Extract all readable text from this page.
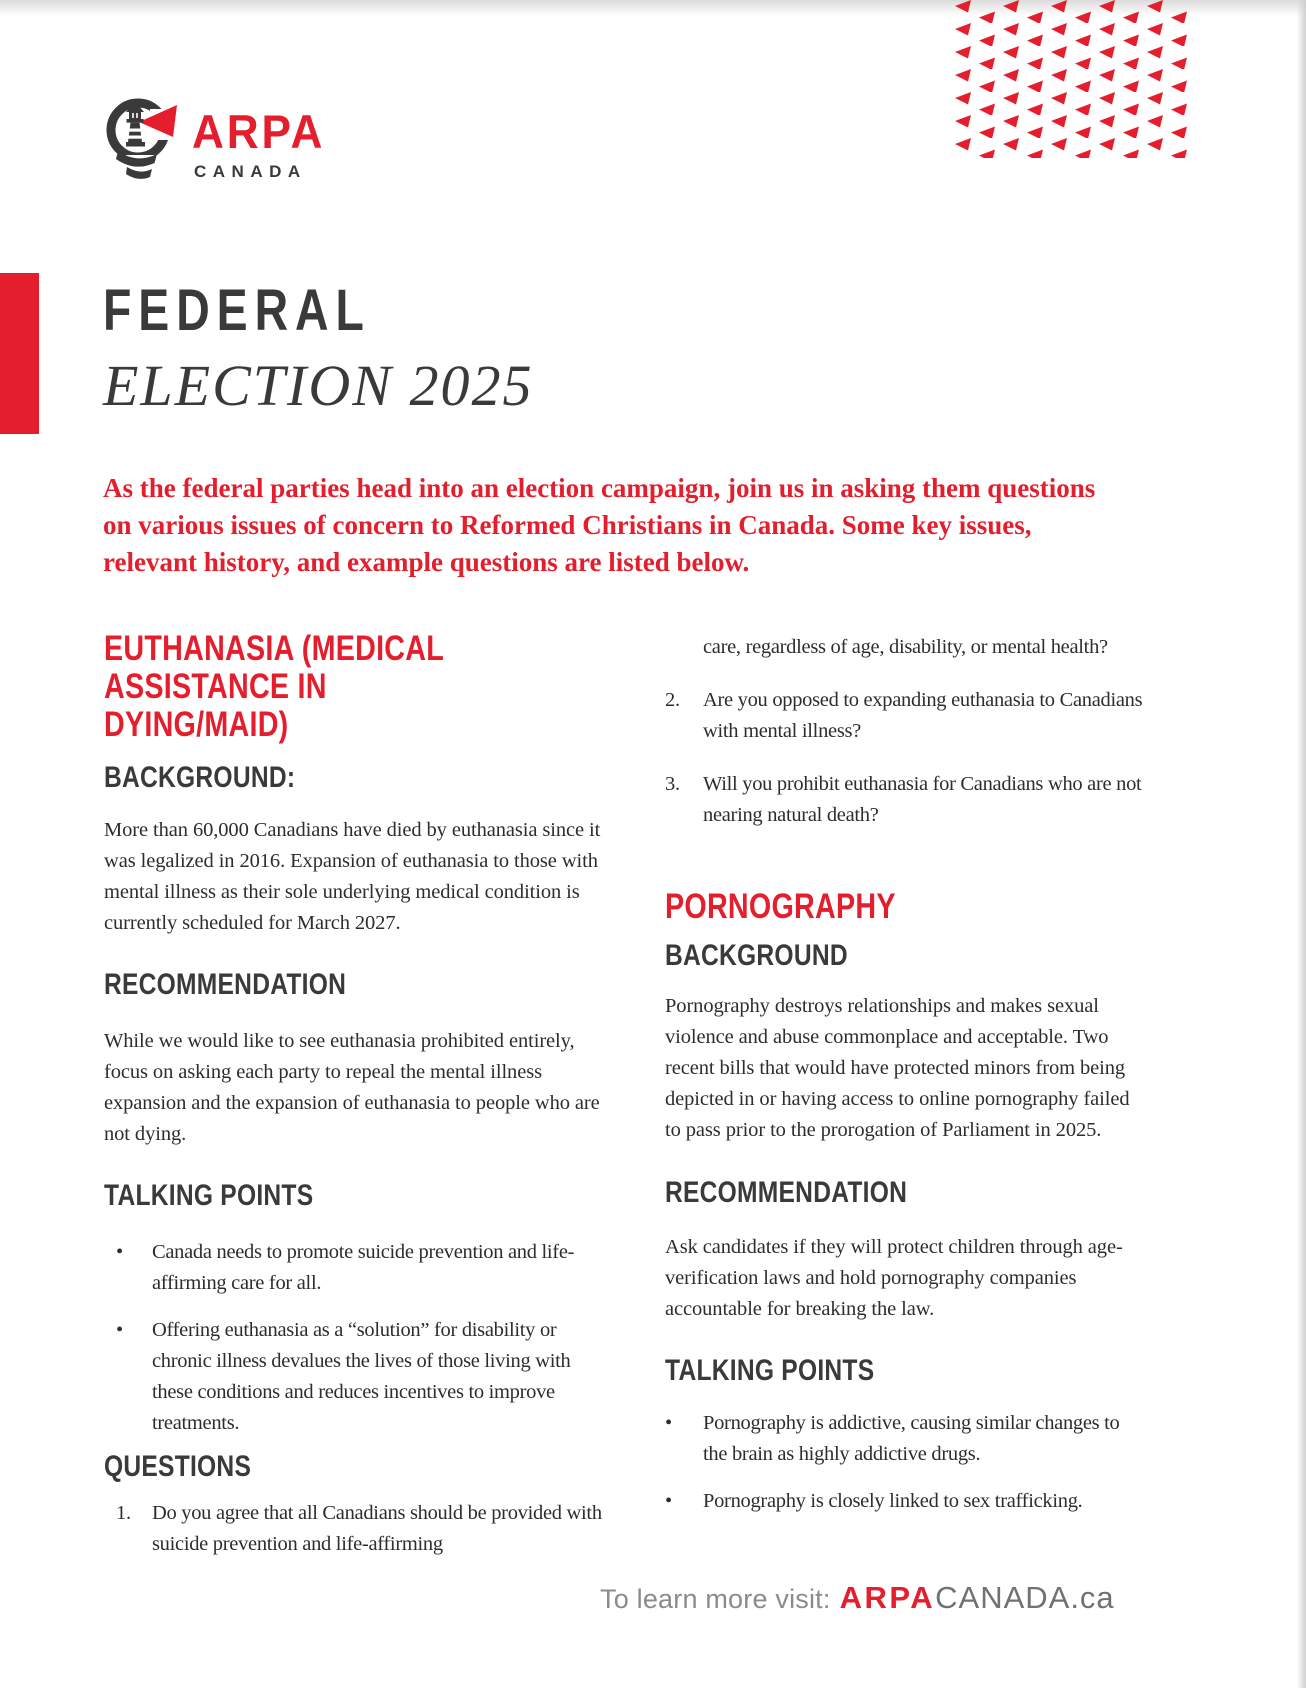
ARPA
CANADA
FEDERAL
ELECTION 2025

As the federal parties head into an election campaign, join us in asking them questions
on various issues of concern to Reformed Christians in Canada. Some key issues,
relevant history, and example questions are listed below.

EUTHANASIA (MEDICAL
ASSISTANCE IN DYING/MAID)
BACKGROUND:

More than 60,000 Canadians have died by euthanasia since it was legalized in 2016. Expansion of euthanasia to those with mental illness as their sole underlying medical condition is currently scheduled for March 2027.

RECOMMENDATION

While we would like to see euthanasia prohibited entirely, focus on asking each party to repeal the mental illness expansion and the expansion of euthanasia to people who are not dying.

TALKING POINTS
• Canada needs to promote suicide prevention and life-affirming care for all.
• Offering euthanasia as a “solution” for disability or chronic illness devalues the lives of those living with these conditions and reduces incentives to improve treatments.
QUESTIONS
1. Do you agree that all Canadians should be provided with suicide prevention and life-affirming
care, regardless of age, disability, or mental health?
2. Are you opposed to expanding euthanasia to Canadians with mental illness?
3. Will you prohibit euthanasia for Canadians who are not nearing natural death?
PORNOGRAPHY
BACKGROUND

Pornography destroys relationships and makes sexual violence and abuse commonplace and acceptable. Two recent bills that would have protected minors from being depicted in or having access to online pornography failed to pass prior to the prorogation of Parliament in 2025.

RECOMMENDATION

Ask candidates if they will protect children through age-verification laws and hold pornography companies accountable for breaking the law.

TALKING POINTS
• Pornography is addictive, causing similar changes to the brain as highly addictive drugs.
• Pornography is closely linked to sex trafficking.
To learn more visit: ARPACANADA.ca
